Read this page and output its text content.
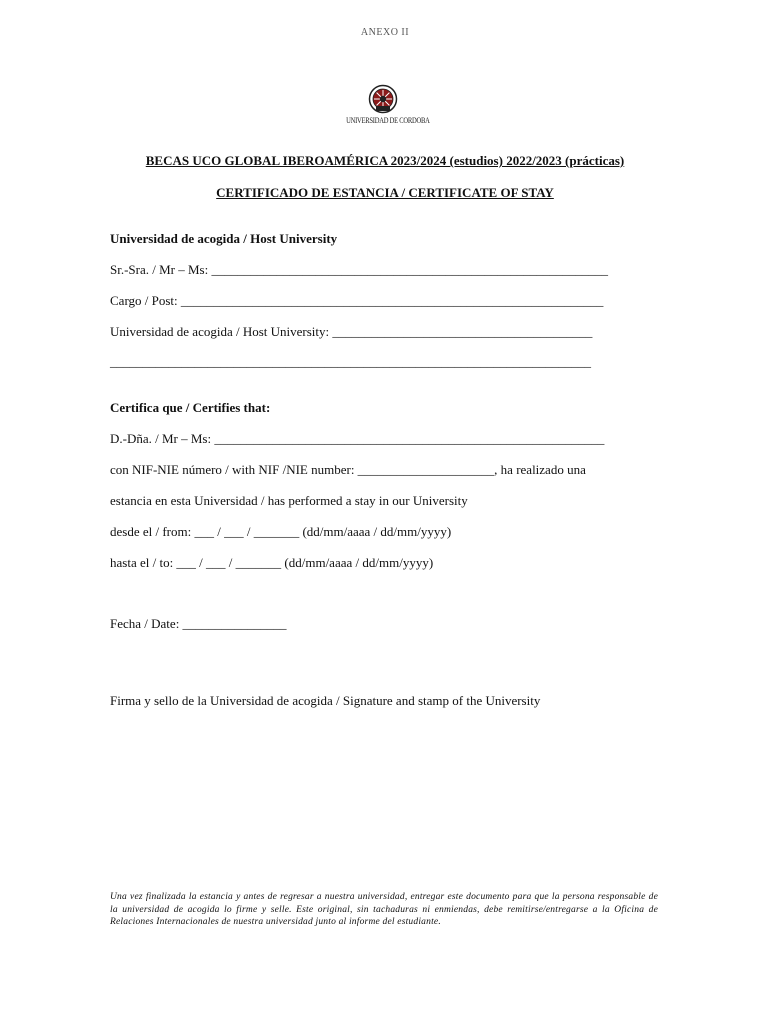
ANEXO II
UNIVERSIDAD DE CORDOBA
BECAS UCO GLOBAL IBEROAMÉRICA 2023/2024 (estudios) 2022/2023 (prácticas)
CERTIFICADO DE ESTANCIA / CERTIFICATE OF STAY
Universidad de acogida / Host University
Sr.-Sra. / Mr – Ms: _____________________________________________________________
Cargo / Post: _________________________________________________________________
Universidad de acogida / Host University: ________________________________________
__________________________________________________________________________
Certifica que / Certifies that:
D.-Dña. / Mr – Ms: ____________________________________________________________
con NIF-NIE número / with NIF /NIE number: _____________________, ha realizado una
estancia en esta Universidad / has performed a stay in our University
desde el / from: ___ / ___ / _______ (dd/mm/aaaa / dd/mm/yyyy)
hasta el / to: ___ / ___ / _______ (dd/mm/aaaa / dd/mm/yyyy)
Fecha / Date: ________________
Firma y sello de la Universidad de acogida / Signature and stamp of the University
Una vez finalizada la estancia y antes de regresar a nuestra universidad, entregar este documento para que la persona responsable de la universidad de acogida lo firme y selle. Este original, sin tachaduras ni enmiendas, debe remitirse/entregarse a la Oficina de Relaciones Internacionales de nuestra universidad junto al informe del estudiante.
